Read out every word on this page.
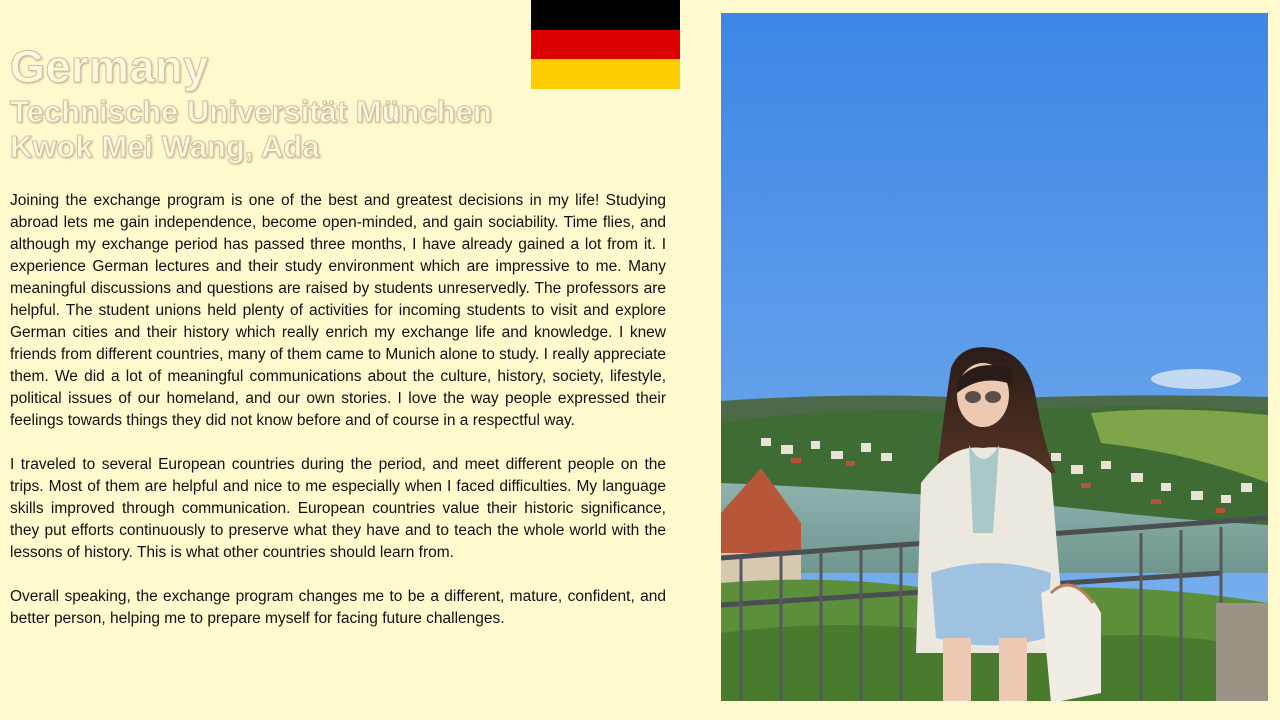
Germany
Technische Universität München
Kwok Mei Wang, Ada

Joining the exchange program is one of the best and greatest decisions in my life! Studying abroad lets me gain independence, become open-minded, and gain sociability. Time flies, and although my exchange period has passed three months, I have already gained a lot from it. I experience German lectures and their study environment which are impressive to me. Many meaningful discussions and questions are raised by students unreservedly. The professors are helpful. The student unions held plenty of activities for incoming students to visit and explore German cities and their history which really enrich my exchange life and knowledge. I knew friends from different countries, many of them came to Munich alone to study. I really appreciate them. We did a lot of meaningful communications about the culture, history, society, lifestyle, political issues of our homeland, and our own stories. I love the way people expressed their feelings towards things they did not know before and of course in a respectful way.

I traveled to several European countries during the period, and meet different people on the trips. Most of them are helpful and nice to me especially when I faced difficulties. My language skills improved through communication. European countries value their historic significance, they put efforts continuously to preserve what they have and to teach the whole world with the lessons of history. This is what other countries should learn from.

Overall speaking, the exchange program changes me to be a different, mature, confident, and better person, helping me to prepare myself for facing future challenges.
